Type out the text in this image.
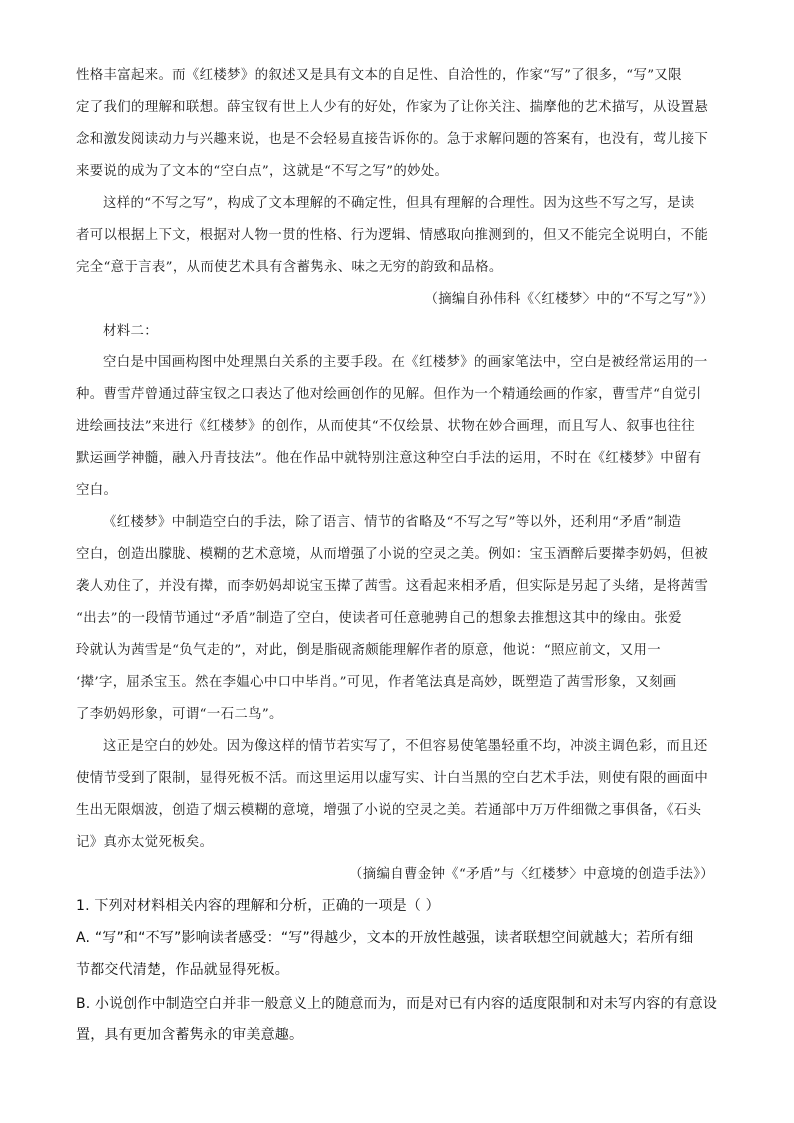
性格丰富起来。而《红楼梦》的叙述又是具有文本的自足性、自洽性的，作家“写”了很多，“写”又限
定了我们的理解和联想。薛宝钗有世上人少有的好处，作家为了让你关注、揣摩他的艺术描写，从设置悬
念和激发阅读动力与兴趣来说，也是不会轻易直接告诉你的。急于求解问题的答案有，也没有，莺儿接下
来要说的成为了文本的“空白点”，这就是“不写之写”的妙处。
这样的“不写之写”，构成了文本理解的不确定性，但具有理解的合理性。因为这些不写之写，是读
者可以根据上下文，根据对人物一贯的性格、行为逻辑、情感取向推测到的，但又不能完全说明白，不能
完全“意于言表”，从而使艺术具有含蓄隽永、味之无穷的韵致和品格。
（摘编自孙伟科《〈红楼梦〉中的“不写之写”》）
材料二：
空白是中国画构图中处理黑白关系的主要手段。在《红楼梦》的画家笔法中，空白是被经常运用的一
种。曹雪芹曾通过薛宝钗之口表达了他对绘画创作的见解。但作为一个精通绘画的作家，曹雪芹“自觉引
进绘画技法”来进行《红楼梦》的创作，从而使其“不仅绘景、状物在妙合画理，而且写人、叙事也往往
默运画学神髓，融入丹青技法”。他在作品中就特别注意这种空白手法的运用，不时在《红楼梦》中留有
空白。
《红楼梦》中制造空白的手法，除了语言、情节的省略及“不写之写”等以外，还利用“矛盾”制造
空白，创造出朦胧、模糊的艺术意境，从而增强了小说的空灵之美。例如：宝玉酒醉后要撵李奶妈，但被
袭人劝住了，并没有撵，而李奶妈却说宝玉撵了茜雪。这看起来相矛盾，但实际是另起了头绪，是将茜雪
“出去”的一段情节通过“矛盾”制造了空白，使读者可任意驰骋自己的想象去推想这其中的缘由。张爱
玲就认为茜雪是“负气走的”，对此，倒是脂砚斋颇能理解作者的原意，他说：“照应前文，又用一
‘撵’字，屈杀宝玉。然在李媪心中口中毕肖。”可见，作者笔法真是高妙，既塑造了茜雪形象，又刻画
了李奶妈形象，可谓“一石二鸟”。
这正是空白的妙处。因为像这样的情节若实写了，不但容易使笔墨轻重不均，冲淡主调色彩，而且还
使情节受到了限制，显得死板不活。而这里运用以虚写实、计白当黑的空白艺术手法，则使有限的画面中
生出无限烟波，创造了烟云模糊的意境，增强了小说的空灵之美。若通部中万万件细微之事俱备，《石头
记》真亦太觉死板矣。
（摘编自曹金钟《“矛盾”与〈红楼梦〉中意境的创造手法》）
1. 下列对材料相关内容的理解和分析，正确的一项是（ ）
A. “写”和“不写”影响读者感受：“写”得越少，文本的开放性越强，读者联想空间就越大；若所有细
节都交代清楚，作品就显得死板。
B. 小说创作中制造空白并非一般意义上的随意而为，而是对已有内容的适度限制和对未写内容的有意设
置，具有更加含蓄隽永的审美意趣。
